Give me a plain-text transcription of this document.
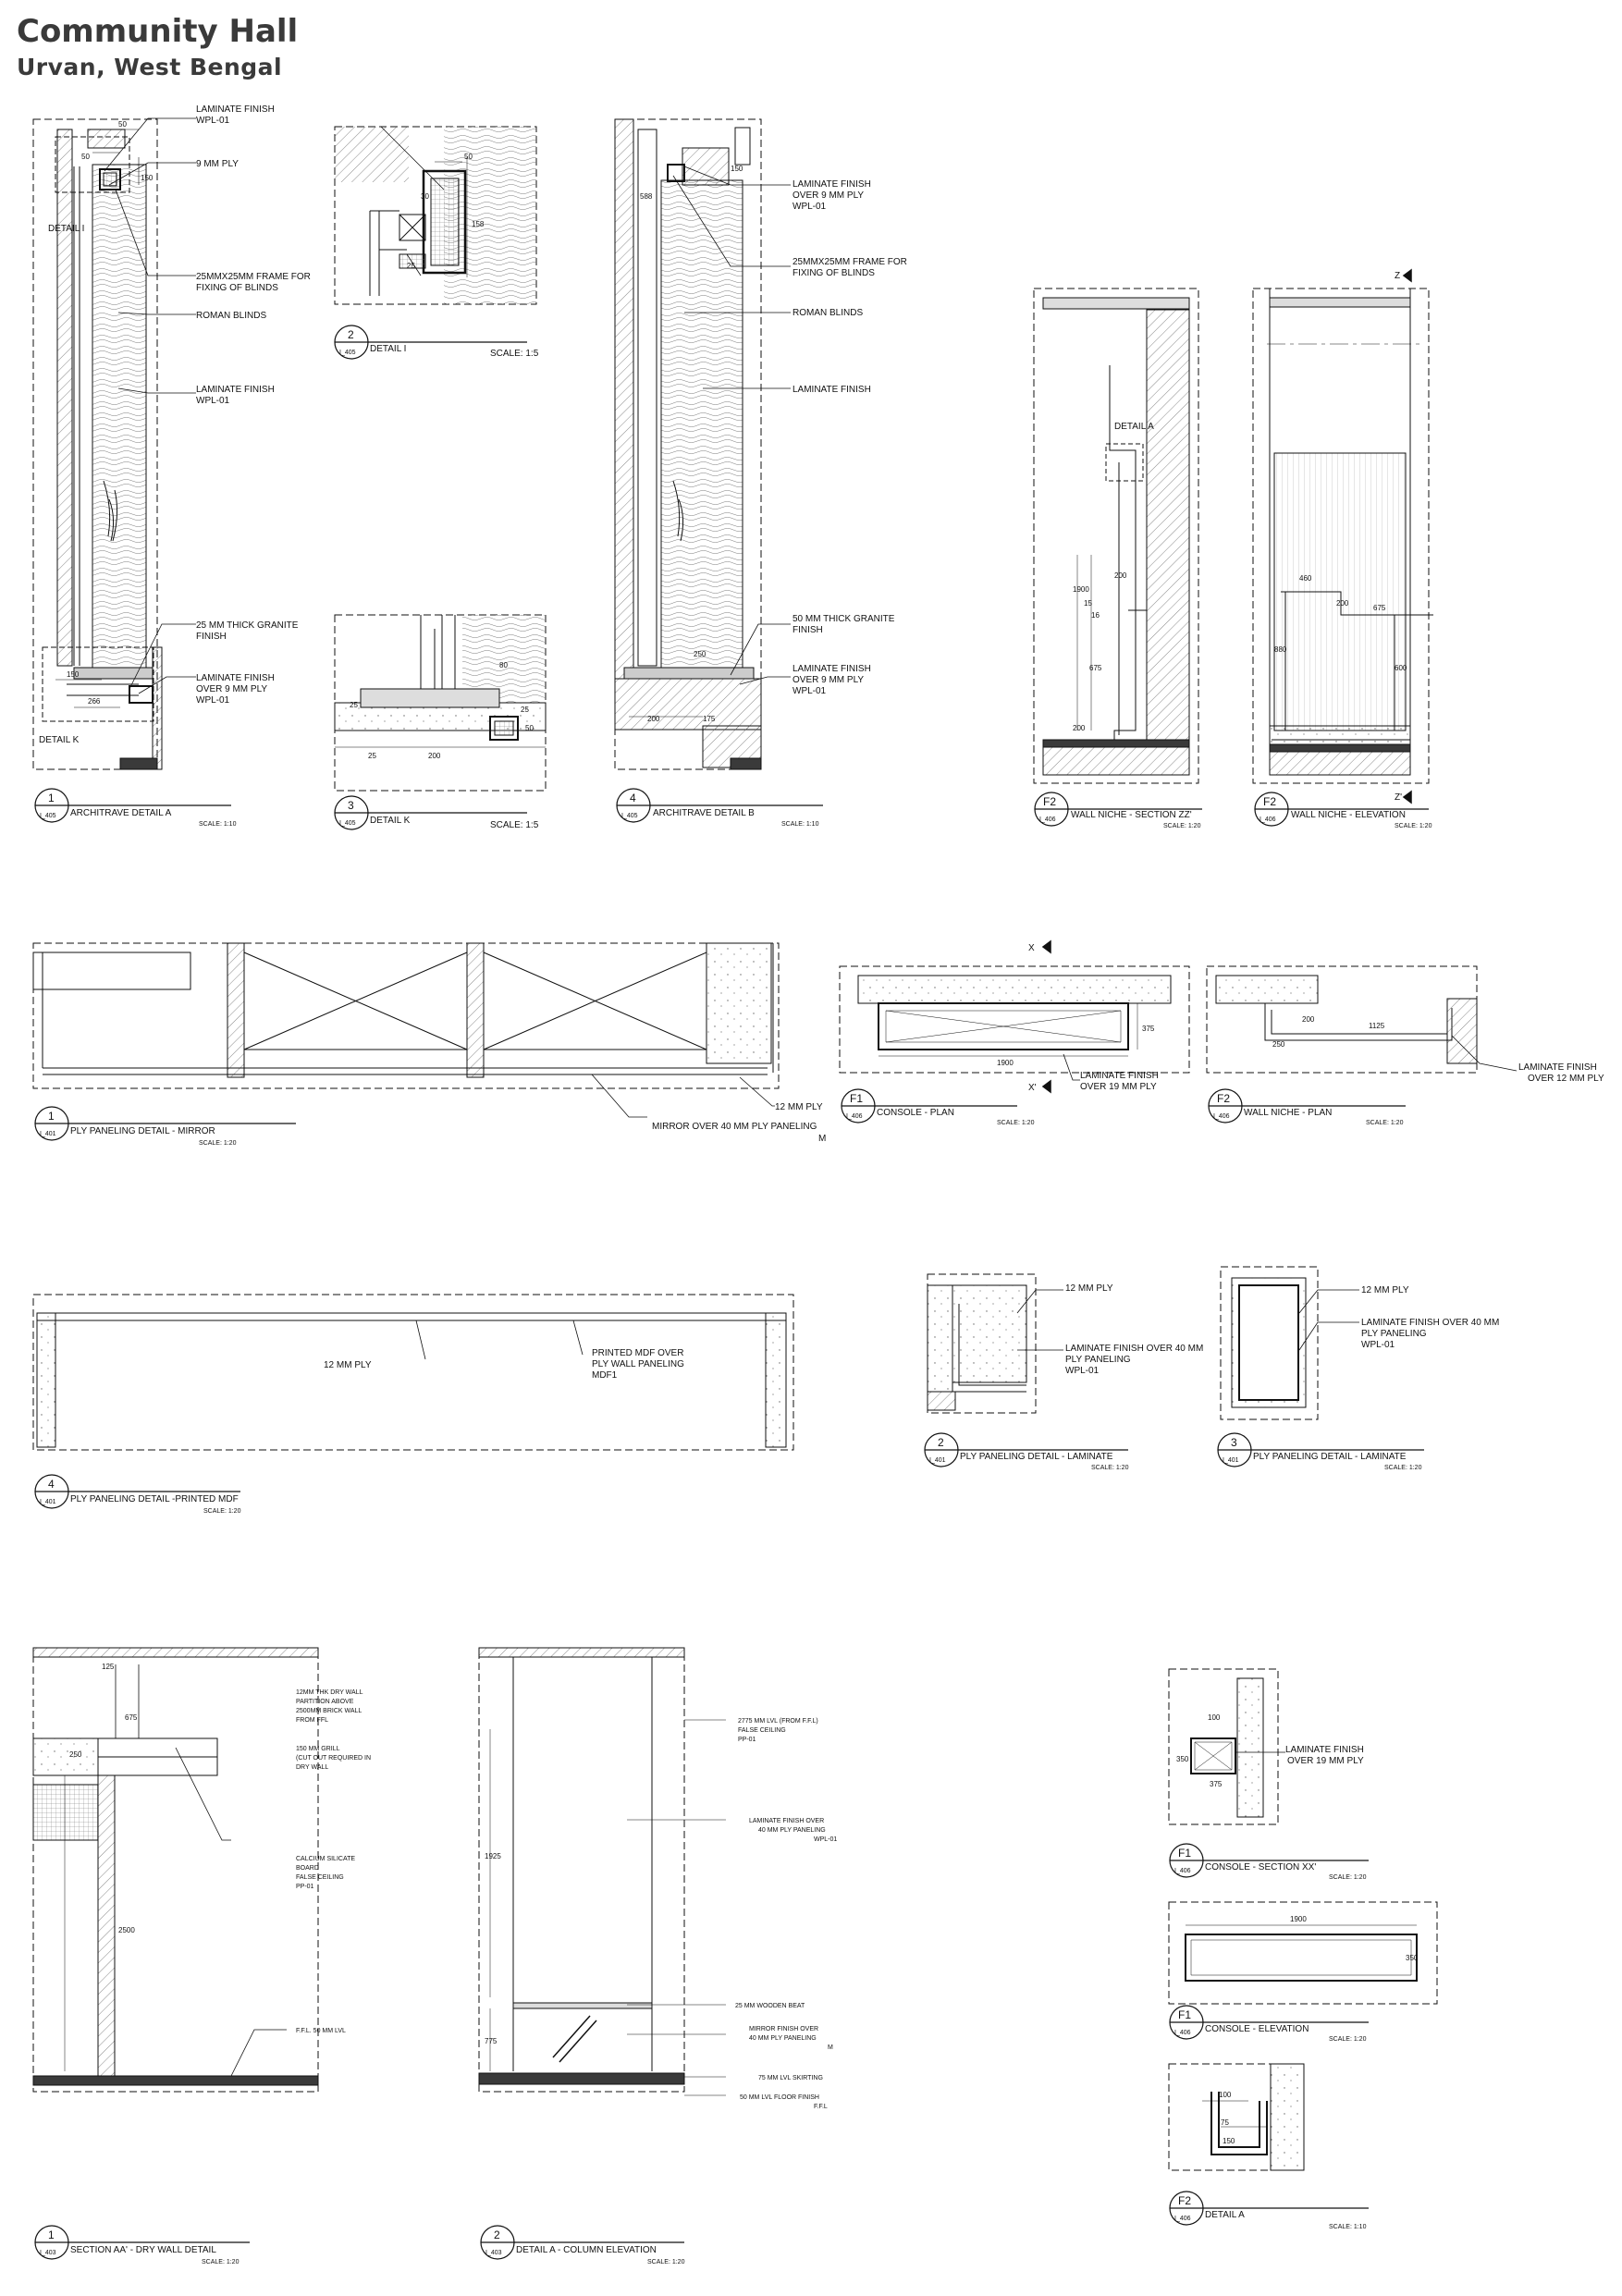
Community Hall
Urvan, West Bengal
LAMINATE FINISH
WPL-01
9 MM PLY
25MMX25MM FRAME FOR
FIXING OF BLINDS
ROMAN BLINDS
LAMINATE FINISH
WPL-01
25 MM THICK GRANITE
FINISH
LAMINATE FINISH
OVER 9 MM PLY
WPL-01
DETAIL I
DETAIL K
50
50
150
266
150
50
158
30
25
25
200
25
80
25
50
LAMINATE FINISH
OVER 9 MM PLY
WPL-01
25MMX25MM FRAME FOR
FIXING OF BLINDS
ROMAN BLINDS
LAMINATE FINISH
50 MM THICK GRANITE
FINISH
LAMINATE FINISH
OVER 9 MM PLY
WPL-01
150
588
200	175
250
DETAIL A
Z
Z'
200
1900
675
200
15
16
460
675
200
600
880
12 MM PLY
MIRROR OVER 40 MM PLY PANELING
M
LAMINATE FINISH
OVER 19 MM PLY
X
X'
1900
375
LAMINATE FINISH
OVER 12 MM PLY
250
200
1125
12 MM PLY
PRINTED MDF OVER
PLY WALL PANELING
MDF1
12 MM PLY
LAMINATE FINISH OVER 40 MM
PLY PANELING
WPL-01
12 MM PLY
LAMINATE FINISH OVER 40 MM
PLY PANELING
WPL-01
12MM THK DRY WALL
PARTITION ABOVE
2500MM BRICK WALL
FROM FFL
150 MM GRILL
(CUT OUT REQUIRED IN
DRY WALL
CALCIUM SILICATE
BOARD
FALSE CEILING
PP-01
F.F.L. 50 MM LVL
125
675
250
2500
2775 MM LVL (FROM F.F.L)
FALSE CEILING
PP-01
LAMINATE FINISH OVER
40 MM PLY PANELING
WPL-01
25 MM WOODEN BEAT
MIRROR FINISH OVER
40 MM PLY PANELING
M
75 MM LVL SKIRTING
50 MM LVL FLOOR FINISH
F.F.L
1925
775
LAMINATE FINISH
OVER 19 MM PLY
100
350
375
1900
350
100
75
150
1
I_405 ARCHITRAVE DETAIL A
SCALE: 1:10
2
I_405 DETAIL I	SCALE: 1:5
3
I_405 DETAIL K	SCALE: 1:5
4
I_405 ARCHITRAVE DETAIL B
SCALE: 1:10
F2
I_406 WALL NICHE - SECTION ZZ'
SCALE: 1:20
F2
I_406 WALL NICHE - ELEVATION
SCALE: 1:20
1
I_401 PLY PANELING DETAIL - MIRROR
SCALE: 1:20
F1
I_406 CONSOLE - PLAN
SCALE: 1:20
F2
I_406 WALL NICHE - PLAN
SCALE: 1:20
4
I_401 PLY PANELING DETAIL -PRINTED MDF
SCALE: 1:20
2
I_401 PLY PANELING DETAIL - LAMINATE
SCALE: 1:20
3
I_401 PLY PANELING DETAIL - LAMINATE
SCALE: 1:20
1
I_403 SECTION AA' - DRY WALL DETAIL
SCALE: 1:20
2
I_403 DETAIL A - COLUMN ELEVATION
SCALE: 1:20
F1
I_406 CONSOLE - SECTION XX'
SCALE: 1:20
F1
I_406 CONSOLE - ELEVATION
SCALE: 1:20
F2
I_406 DETAIL A
SCALE: 1:10
